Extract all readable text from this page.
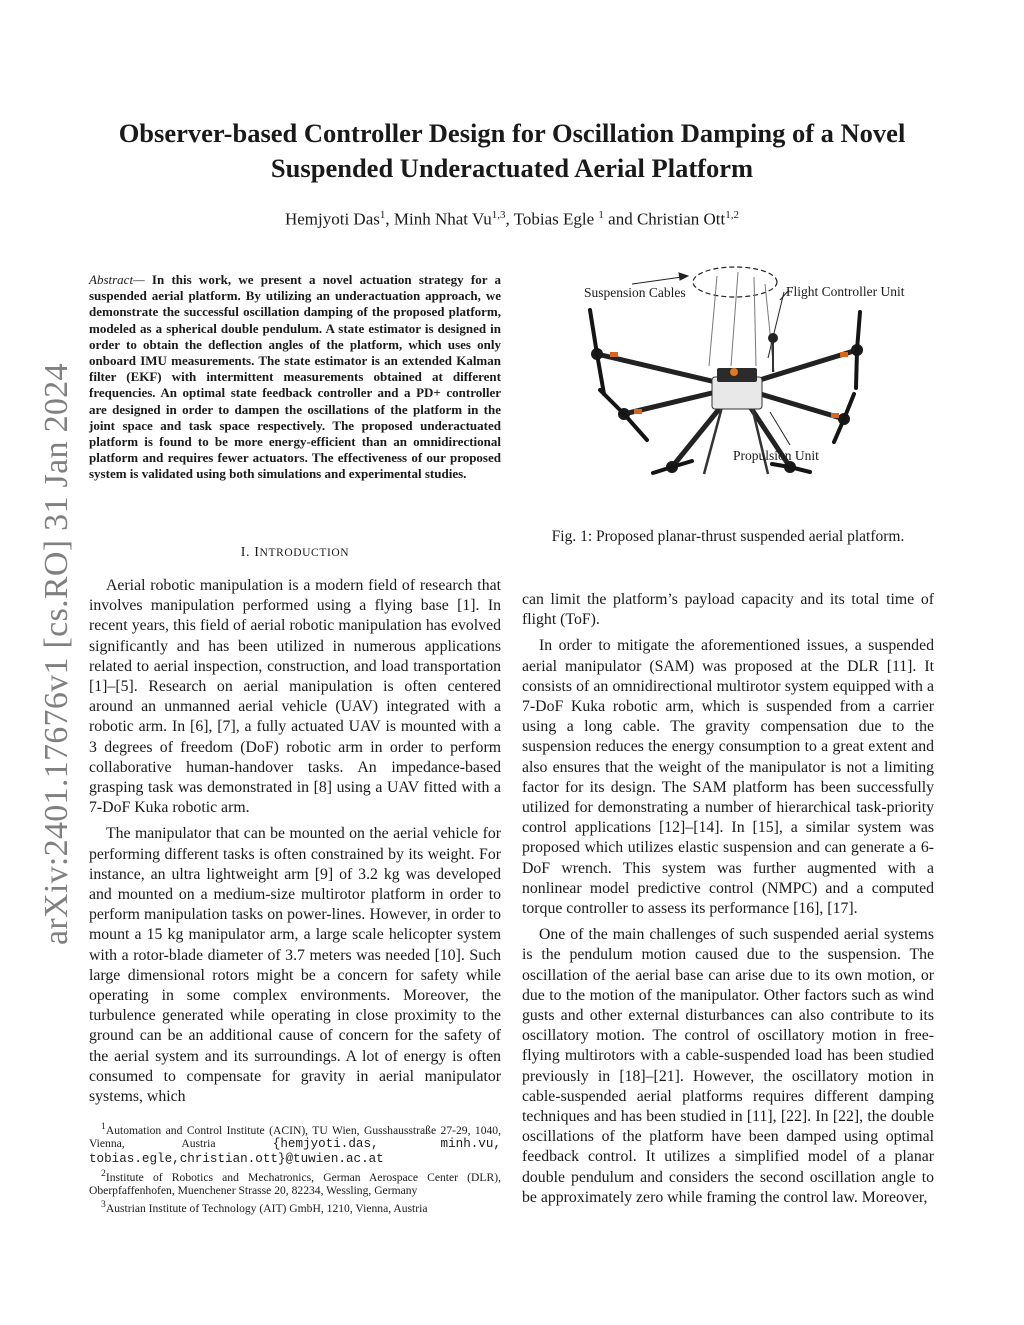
arXiv:2401.17676v1 [cs.RO] 31 Jan 2024
Observer-based Controller Design for Oscillation Damping of a Novel Suspended Underactuated Aerial Platform
Hemjyoti Das$^1$, Minh Nhat Vu$^{1,3}$, Tobias Egle $^1$ and Christian Ott$^{1,2}$
Abstract— In this work, we present a novel actuation strategy for a suspended aerial platform. By utilizing an underactuation approach, we demonstrate the successful oscillation damping of the proposed platform, modeled as a spherical double pendulum. A state estimator is designed in order to obtain the deflection angles of the platform, which uses only onboard IMU measurements. The state estimator is an extended Kalman filter (EKF) with intermittent measurements obtained at different frequencies. An optimal state feedback controller and a PD+ controller are designed in order to dampen the oscillations of the platform in the joint space and task space respectively. The proposed underactuated platform is found to be more energy-efficient than an omnidirectional platform and requires fewer actuators. The effectiveness of our proposed system is validated using both simulations and experimental studies.
I. INTRODUCTION

Aerial robotic manipulation is a modern field of research that involves manipulation performed using a flying base [1]. In recent years, this field of aerial robotic manipulation has evolved significantly and has been utilized in numerous applications related to aerial inspection, construction, and load transportation [1]–[5]. Research on aerial manipulation is often centered around an unmanned aerial vehicle (UAV) integrated with a robotic arm. In [6], [7], a fully actuated UAV is mounted with a 3 degrees of freedom (DoF) robotic arm in order to perform collaborative human-handover tasks. An impedance-based grasping task was demonstrated in [8] using a UAV fitted with a 7-DoF Kuka robotic arm.

The manipulator that can be mounted on the aerial vehicle for performing different tasks is often constrained by its weight. For instance, an ultra lightweight arm [9] of 3.2 kg was developed and mounted on a medium-size multirotor platform in order to perform manipulation tasks on power-lines. However, in order to mount a 15 kg manipulator arm, a large scale helicopter system with a rotor-blade diameter of 3.7 meters was needed [10]. Such large dimensional rotors might be a concern for safety while operating in some complex environments. Moreover, the turbulence generated while operating in close proximity to the ground can be an additional cause of concern for the safety of the aerial system and its surroundings. A lot of energy is often consumed to compensate for gravity in aerial manipulator systems, which

$^1$Automation and Control Institute (ACIN), TU Wien, Gusshausstraße 27-29, 1040, Vienna, Austria	{hemjyoti.das, minh.vu, tobias.egle,christian.ott}@tuwien.ac.at

$^2$Institute of Robotics and Mechatronics, German Aerospace Center (DLR), Oberpfaffenhofen, Muenchener Strasse 20, 82234, Wessling, Germany

$^3$Austrian Institute of Technology (AIT) GmbH, 1210, Vienna, Austria

Suspension Cables	Flight Controller Unit
Propulsion Unit
Fig. 1: Proposed planar-thrust suspended aerial platform.

can limit the platform’s payload capacity and its total time of flight (ToF).

In order to mitigate the aforementioned issues, a suspended aerial manipulator (SAM) was proposed at the DLR [11]. It consists of an omnidirectional multirotor system equipped with a 7-DoF Kuka robotic arm, which is suspended from a carrier using a long cable. The gravity compensation due to the suspension reduces the energy consumption to a great extent and also ensures that the weight of the manipulator is not a limiting factor for its design. The SAM platform has been successfully utilized for demonstrating a number of hierarchical task-priority control applications [12]–[14]. In [15], a similar system was proposed which utilizes elastic suspension and can generate a 6-DoF wrench. This system was further augmented with a nonlinear model predictive control (NMPC) and a computed torque controller to assess its performance [16], [17].

One of the main challenges of such suspended aerial systems is the pendulum motion caused due to the suspension. The oscillation of the aerial base can arise due to its own motion, or due to the motion of the manipulator. Other factors such as wind gusts and other external disturbances can also contribute to its oscillatory motion. The control of oscillatory motion in free-flying multirotors with a cable-suspended load has been studied previously in [18]–[21]. However, the oscillatory motion in cable-suspended aerial platforms requires different damping techniques and has been studied in [11], [22]. In [22], the double oscillations of the platform have been damped using optimal feedback control. It utilizes a simplified model of a planar double pendulum and considers the second oscillation angle to be approximately zero while framing the control law. Moreover,
